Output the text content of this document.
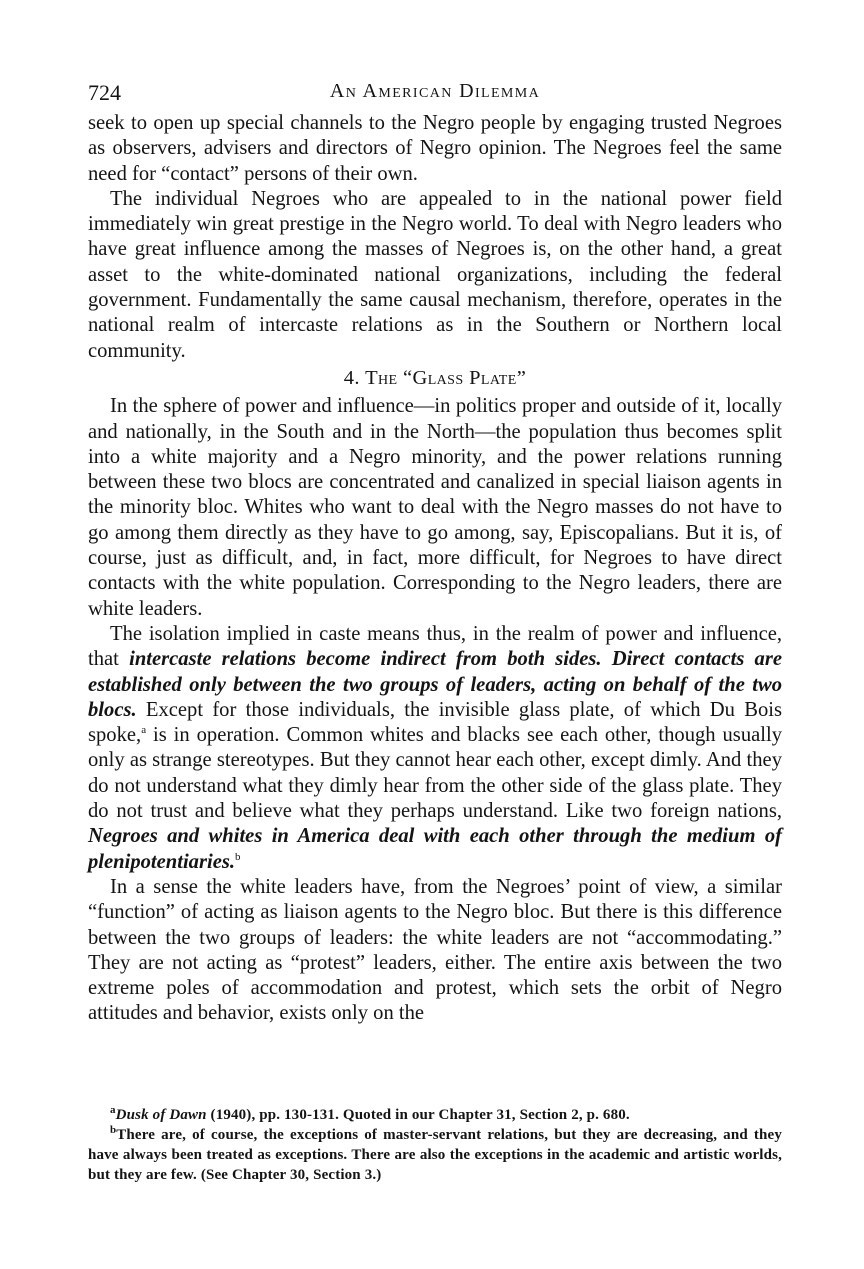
724	An American Dilemma

seek to open up special channels to the Negro people by engaging trusted Negroes as observers, advisers and directors of Negro opinion. The Negroes feel the same need for “contact” persons of their own.

The individual Negroes who are appealed to in the national power field immediately win great prestige in the Negro world. To deal with Negro leaders who have great influence among the masses of Negroes is, on the other hand, a great asset to the white-dominated national organizations, including the federal government. Fundamentally the same causal mechanism, therefore, operates in the national realm of intercaste relations as in the Southern or Northern local community.

4. The “Glass Plate”

In the sphere of power and influence—in politics proper and outside of it, locally and nationally, in the South and in the North—the population thus becomes split into a white majority and a Negro minority, and the power relations running between these two blocs are concentrated and canalized in special liaison agents in the minority bloc. Whites who want to deal with the Negro masses do not have to go among them directly as they have to go among, say, Episcopalians. But it is, of course, just as difficult, and, in fact, more difficult, for Negroes to have direct contacts with the white population. Corresponding to the Negro leaders, there are white leaders.

The isolation implied in caste means thus, in the realm of power and influence, that intercaste relations become indirect from both sides. Direct contacts are established only between the two groups of leaders, acting on behalf of the two blocs. Except for those individuals, the invisible glass plate, of which Du Bois spoke,$^a$ is in operation. Common whites and blacks see each other, though usually only as strange stereotypes. But they cannot hear each other, except dimly. And they do not understand what they dimly hear from the other side of the glass plate. They do not trust and believe what they perhaps understand. Like two foreign nations, Negroes and whites in America deal with each other through the medium of plenipotentiaries.$^b$

In a sense the white leaders have, from the Negroes’ point of view, a similar “function” of acting as liaison agents to the Negro bloc. But there is this difference between the two groups of leaders: the white leaders are not “accommodating.” They are not acting as “protest” leaders, either. The entire axis between the two extreme poles of accommodation and protest, which sets the orbit of Negro attitudes and behavior, exists only on the

$^a$Dusk of Dawn (1940), pp. 130-131. Quoted in our Chapter 31, Section 2, p. 680.

$^b$There are, of course, the exceptions of master-servant relations, but they are decreasing, and they have always been treated as exceptions. There are also the exceptions in the academic and artistic worlds, but they are few. (See Chapter 30, Section 3.)
